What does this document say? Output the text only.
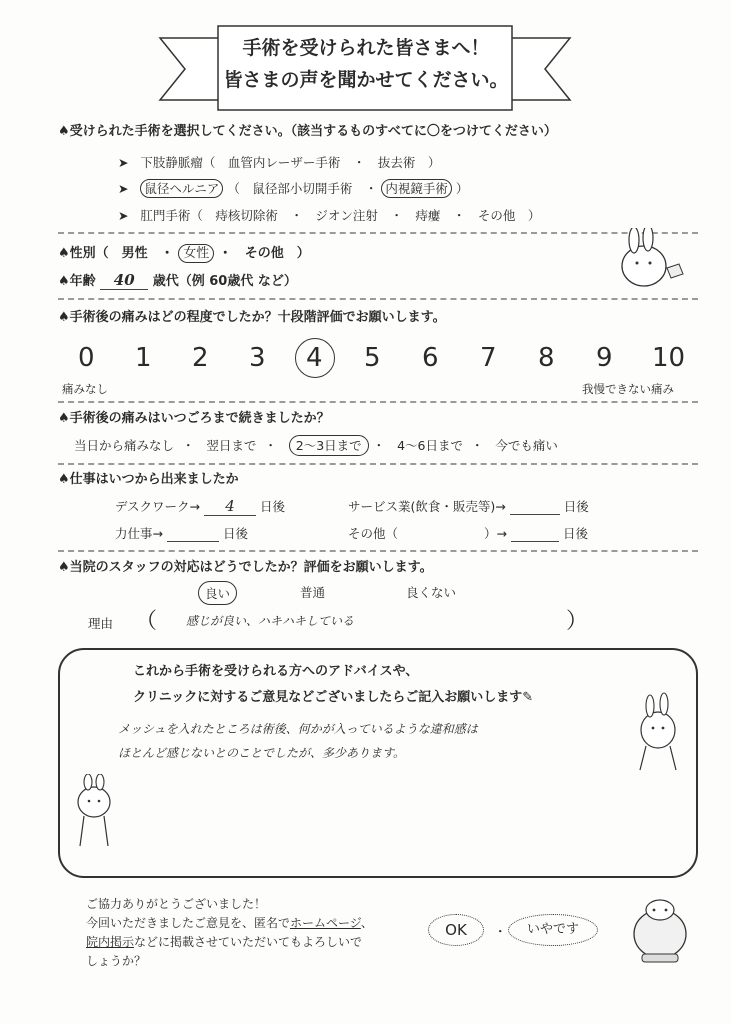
手術を受けられた皆さまへ！
皆さまの声を聞かせてください。
♠受けられた手術を選択してください。（該当するものすべてに〇をつけてください）
➤ 下肢静脈瘤（　血管内レーザー手術　・　抜去術　）
➤ 鼠径ヘルニア （　鼠径部小切開手術　・ 内視鏡手術 ）
➤ 肛門手術（　痔核切除術　・　ジオン注射　・　痔瘻　・　その他　）
♠性別（　男性　・ 女性 ・　その他　）
♠年齢 40 歳代（例 60歳代 など）
♠手術後の痛みはどの程度でしたか？十段階評価でお願いします。
0 1 2 3 4 5 6 7 8 9 10
痛みなし	我慢できない痛み
♠手術後の痛みはいつごろまで続きましたか？
当日から痛みなし  ・   翌日まで  ・   2～3日まで ・   4～6日まで  ・   今でも痛い
♠仕事はいつから出来ましたか
デスクワーク→ 4 日後	サービス業(飲食・販売等)→	日後
力仕事→	日後	その他（	）→	日後
♠当院のスタッフの対応はどうでしたか？評価をお願いします。
良い	普通	良くない
理由 （ 感じが良い、ハキハキしている	）
これから手術を受けられる方へのアドバイスや、
クリニックに対するご意見などございましたらご記入お願いします✎
メッシュを入れたところは術後、何かが入っているような違和感は
ほとんど感じないとのことでしたが、多少あります。
ご協力ありがとうございました！
今回いただきましたご意見を、匿名でホームページ、
院内掲示などに掲載させていただいてもよろしいで
しょうか？
OK	・	いやです
